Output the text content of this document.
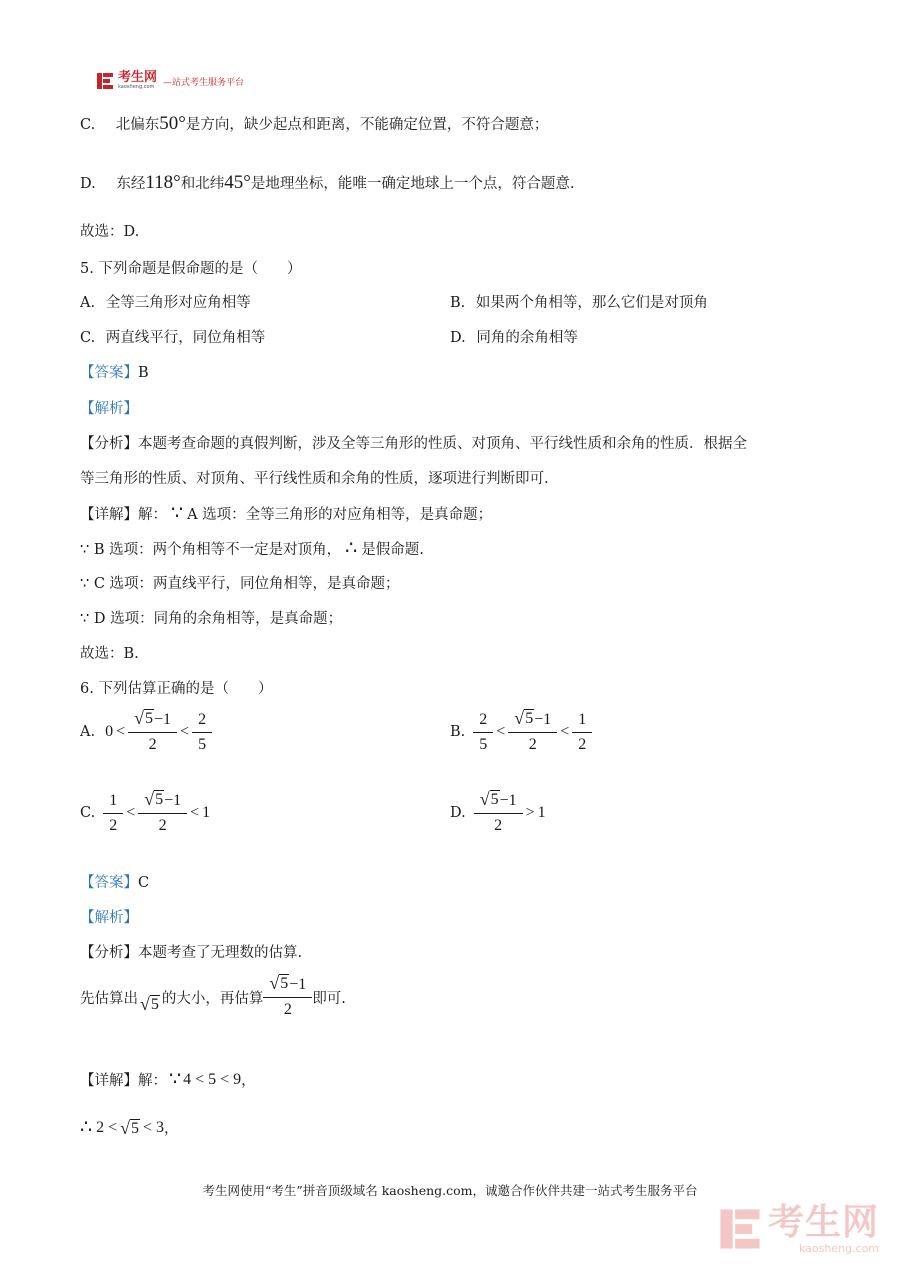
考生网
kaosheng.com —站式考生服务平台
C. 北偏东50°是方向，缺少起点和距离，不能确定位置，不符合题意；
D. 东经118°和北纬45°是地理坐标，能唯一确定地球上一个点，符合题意.
故选：D.
5. 下列命题是假命题的是（　　）
A. 全等三角形对应角相等	B. 如果两个角相等，那么它们是对顶角
C. 两直线平行，同位角相等	D. 同角的余角相等
【答案】B
【解析】
【分析】本题考查命题的真假判断，涉及全等三角形的性质、对顶角、平行线性质和余角的性质．根据全
等三角形的性质、对顶角、平行线性质和余角的性质，逐项进行判断即可.
【详解】解： ∵ A 选项：全等三角形的对应角相等，是真命题；
∵ B 选项：两个角相等不一定是对顶角， ∴ 是假命题.
∵ C 选项：两直线平行，同位角相等，是真命题；
∵ D 选项：同角的余角相等，是真命题；
故选：B.
6. 下列估算正确的是（　　）
A. $0 < \frac{√ 5 -1}{2} < \frac{2}{5}$	B. $\frac{2}{5} < \frac{√ 5 -1}{2} < \frac{1}{2}$
C. $\frac{1}{2} < \frac{√ 5 -1}{2} < 1$	D. $\frac{√ 5 -1}{2} > 1$
【答案】C
【解析】
【分析】本题考查了无理数的估算.
先估算出 √ 5 的大小，再估算 $\frac{√ 5 -1}{2}$ 即可.
【详解】 解： ∵ 4 < 5 < 9 ，
∴ 2 < √ 5 < 3 ，
考生网使用“考生”拼音顶级域名 kaosheng.com，诚邀合作伙伴共建一站式考生服务平台
考生网
kaosheng.com
